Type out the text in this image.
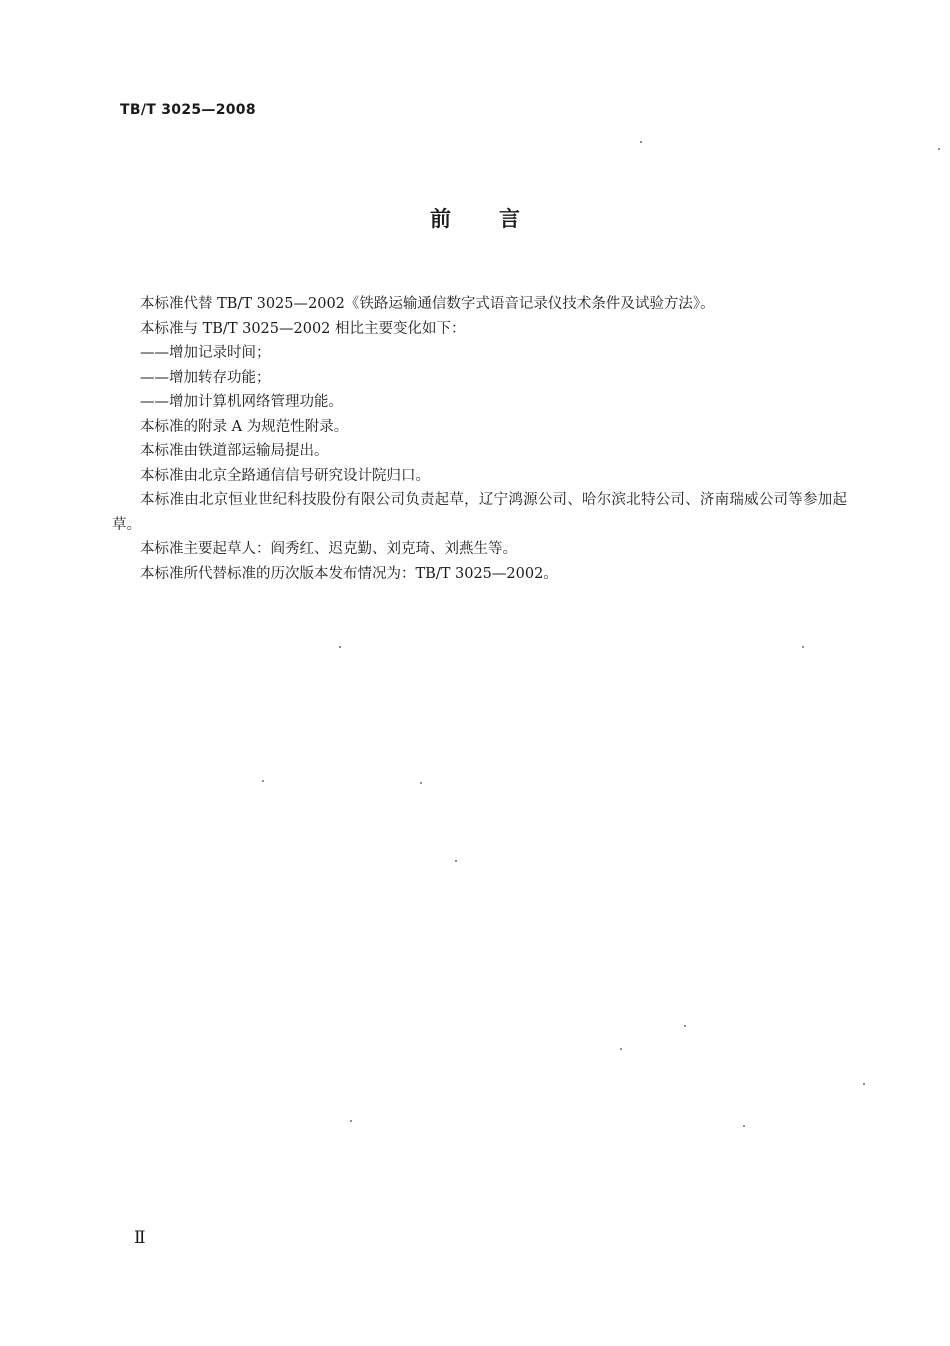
TB/T 3025—2008
前言

本标准代替 TB/T 3025—2002《铁路运输通信数字式语音记录仪技术条件及试验方法》。

本标准与 TB/T 3025—2002 相比主要变化如下：

——增加记录时间；

——增加转存功能；

——增加计算机网络管理功能。

本标准的附录 A 为规范性附录。

本标准由铁道部运输局提出。

本标准由北京全路通信信号研究设计院归口。

本标准由北京恒业世纪科技股份有限公司负责起草，辽宁鸿源公司、哈尔滨北特公司、济南瑞威公司等参加起草。

本标准主要起草人：阎秀红、迟克勤、刘克琦、刘燕生等。

本标准所代替标准的历次版本发布情况为：TB/T 3025—2002。

Ⅱ
